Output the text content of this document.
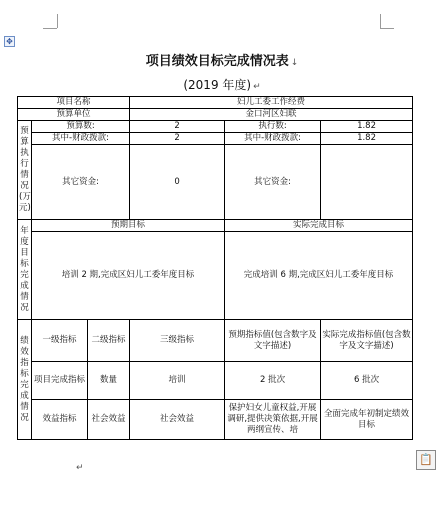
✥
项目绩效目标完成情况表 ↓
(2019 年度) ↵
项目名称			妇儿工委工作经费		
预算单位			金口河区妇联		
预算执行情况(万元)	预算数:		2	执行数:	1.82
	其中-财政拨款:		2	其中-财政拨款:	1.82
	其它资金:		0	其它资金:	
年度目标完成情况	预期目标			实际完成目标	
	培训 2 期,完成区妇儿工委年度目标			完成培训 6 期,完成区妇儿工委年度目标	
绩效指标完成情况	一级指标	二级指标	三级指标	预期指标值(包含数字及文字描述)	实际完成指标值(包含数字及文字描述)
	项目完成指标	数量	培训	2 批次	6 批次
	效益指标	社会效益	社会效益	保护妇女儿童权益,开展调研,提供决策依据,开展两纲宣传、培	全面完成年初制定绩效目标
📋
↵
